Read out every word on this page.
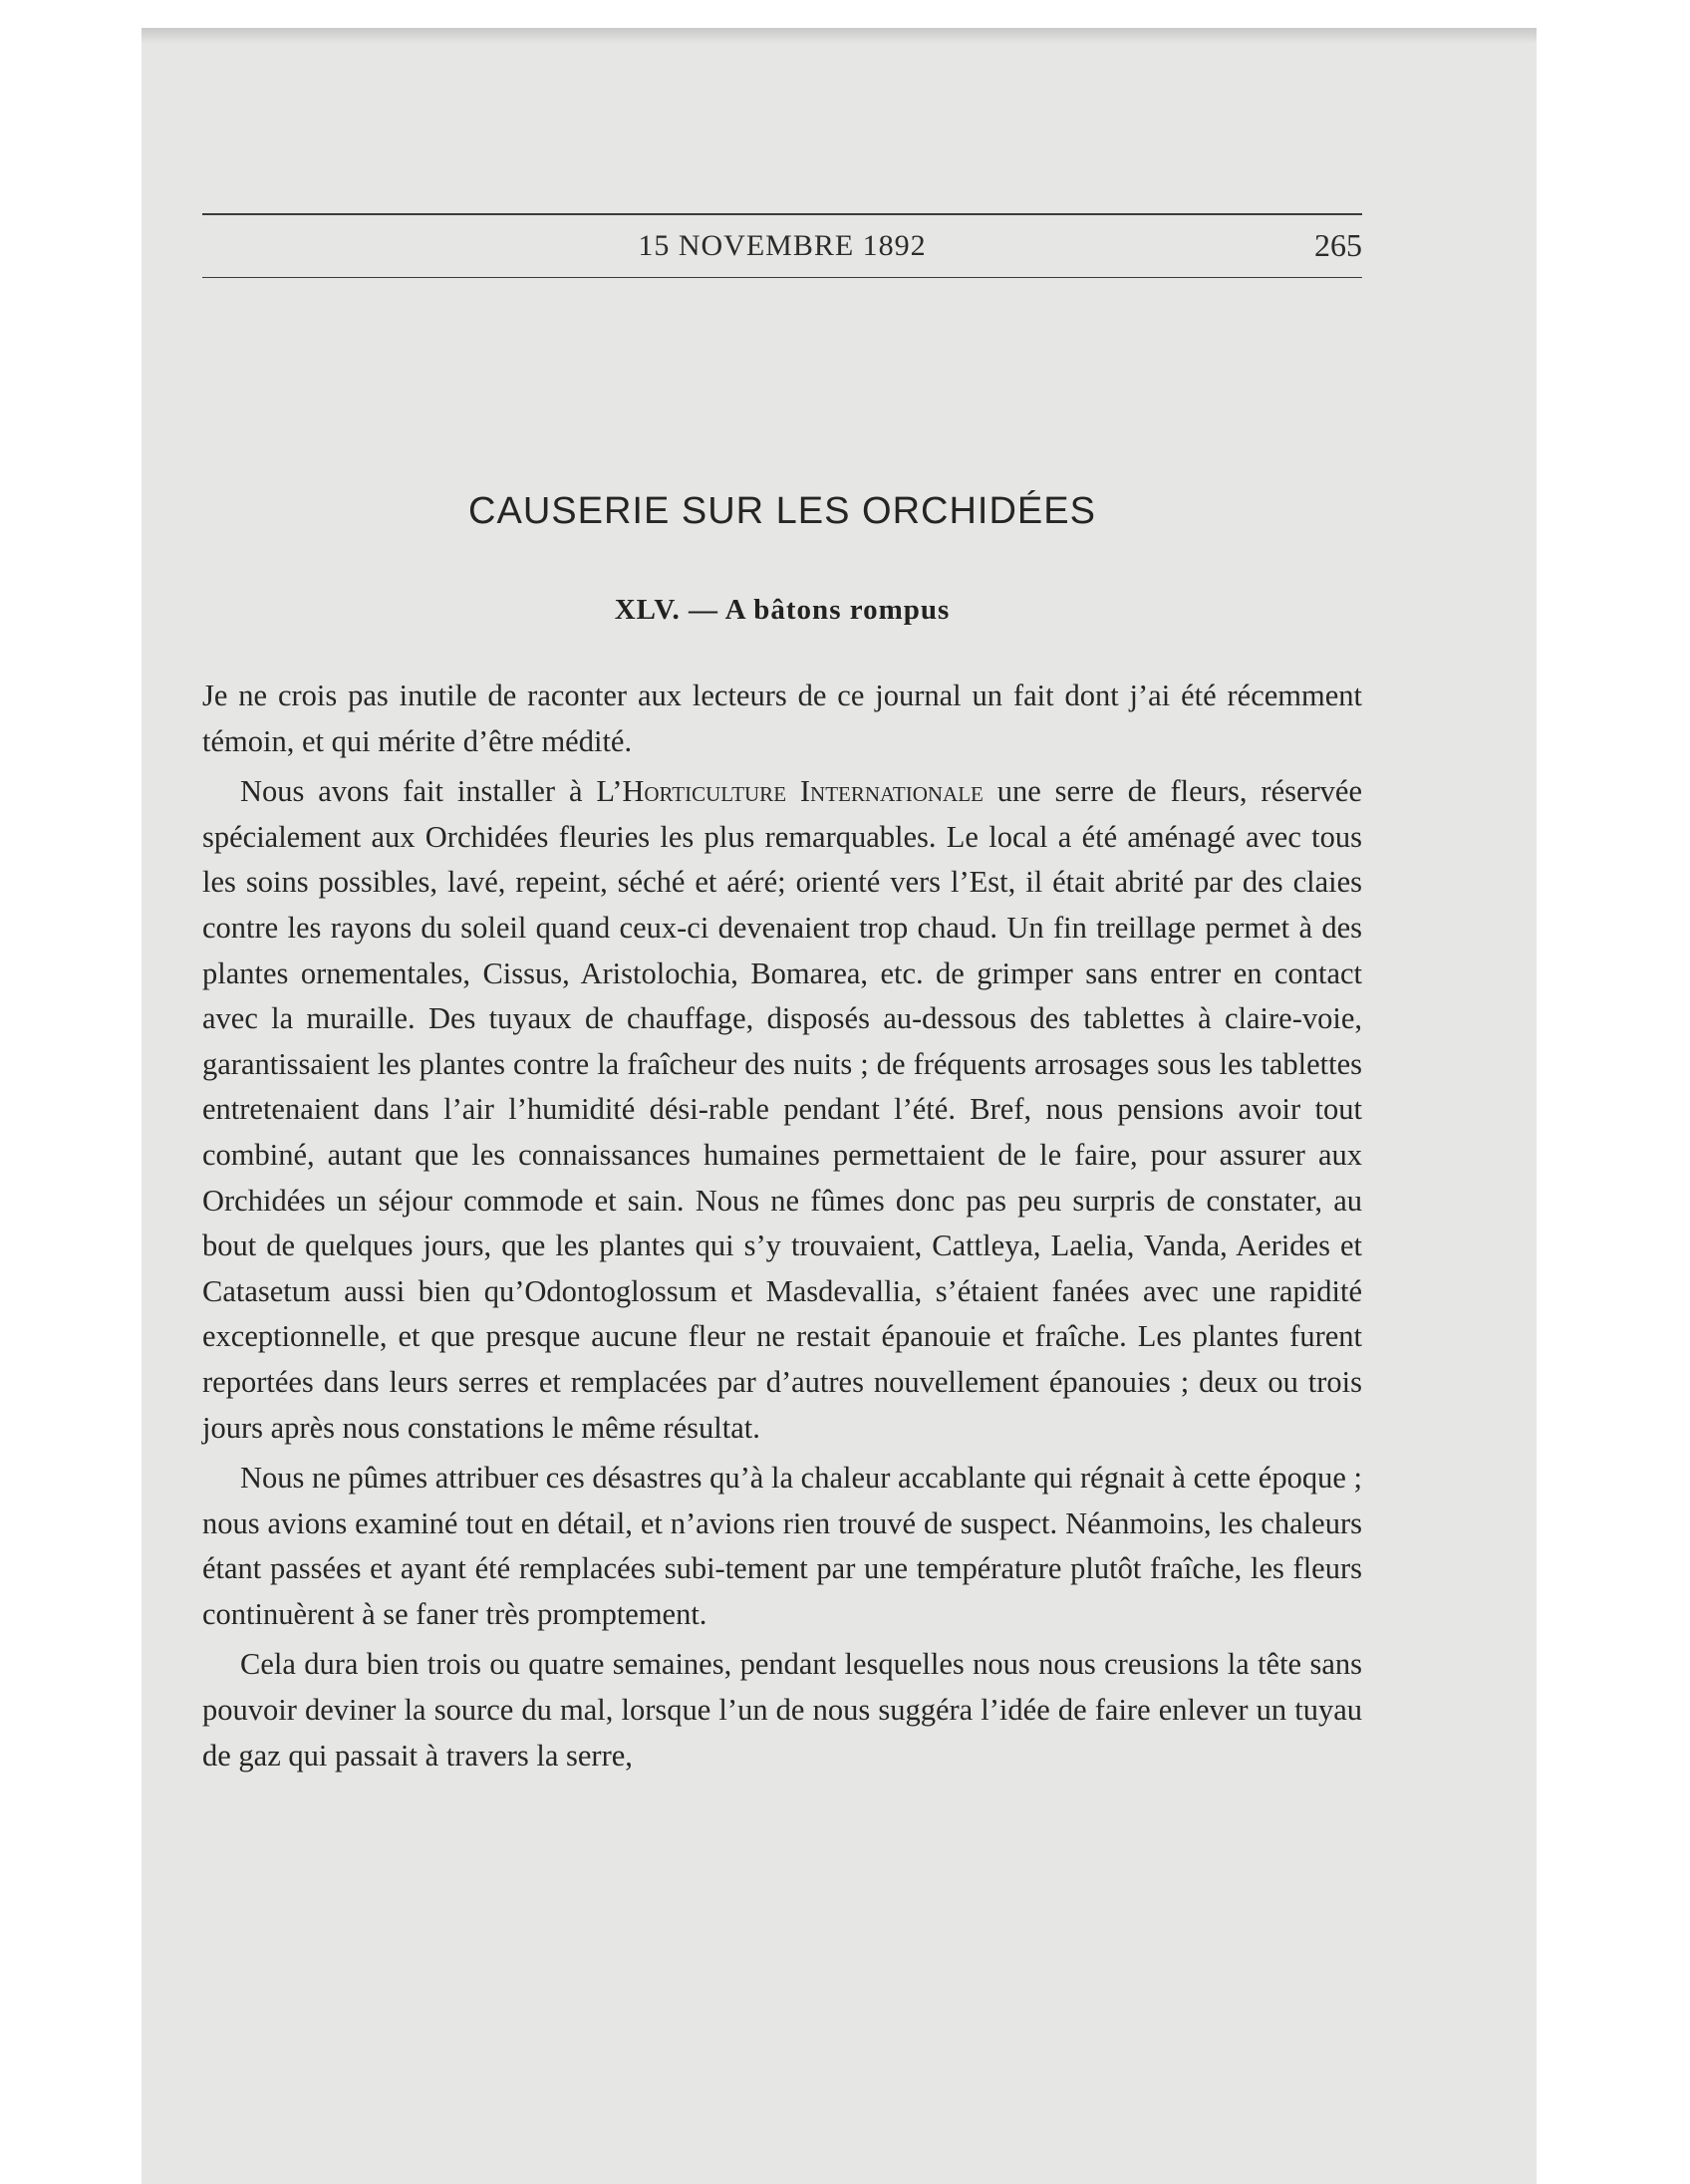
15 NOVEMBRE 1892	265
CAUSERIE SUR LES ORCHIDÉES
XLV. — A bâtons rompus

Je ne crois pas inutile de raconter aux lecteurs de ce journal un fait dont j’ai été récemment témoin, et qui mérite d’être médité.

Nous avons fait installer à L’Horticulture Internationale une serre de fleurs, réservée spécialement aux Orchidées fleuries les plus remarquables. Le local a été aménagé avec tous les soins possibles, lavé, repeint, séché et aéré; orienté vers l’Est, il était abrité par des claies contre les rayons du soleil quand ceux-ci devenaient trop chaud. Un fin treillage permet à des plantes ornementales, Cissus, Aristolochia, Bomarea, etc. de grimper sans entrer en contact avec la muraille. Des tuyaux de chauffage, disposés au-dessous des tablettes à claire-voie, garantissaient les plantes contre la fraîcheur des nuits ; de fréquents arrosages sous les tablettes entretenaient dans l’air l’humidité dési-rable pendant l’été. Bref, nous pensions avoir tout combiné, autant que les connaissances humaines permettaient de le faire, pour assurer aux Orchidées un séjour commode et sain. Nous ne fûmes donc pas peu surpris de constater, au bout de quelques jours, que les plantes qui s’y trouvaient, Cattleya, Laelia, Vanda, Aerides et Catasetum aussi bien qu’Odontoglossum et Masdevallia, s’étaient fanées avec une rapidité exceptionnelle, et que presque aucune fleur ne restait épanouie et fraîche. Les plantes furent reportées dans leurs serres et remplacées par d’autres nouvellement épanouies ; deux ou trois jours après nous constations le même résultat.

Nous ne pûmes attribuer ces désastres qu’à la chaleur accablante qui régnait à cette époque ; nous avions examiné tout en détail, et n’avions rien trouvé de suspect. Néanmoins, les chaleurs étant passées et ayant été remplacées subi-tement par une température plutôt fraîche, les fleurs continuèrent à se faner très promptement.

Cela dura bien trois ou quatre semaines, pendant lesquelles nous nous creusions la tête sans pouvoir deviner la source du mal, lorsque l’un de nous suggéra l’idée de faire enlever un tuyau de gaz qui passait à travers la serre,
